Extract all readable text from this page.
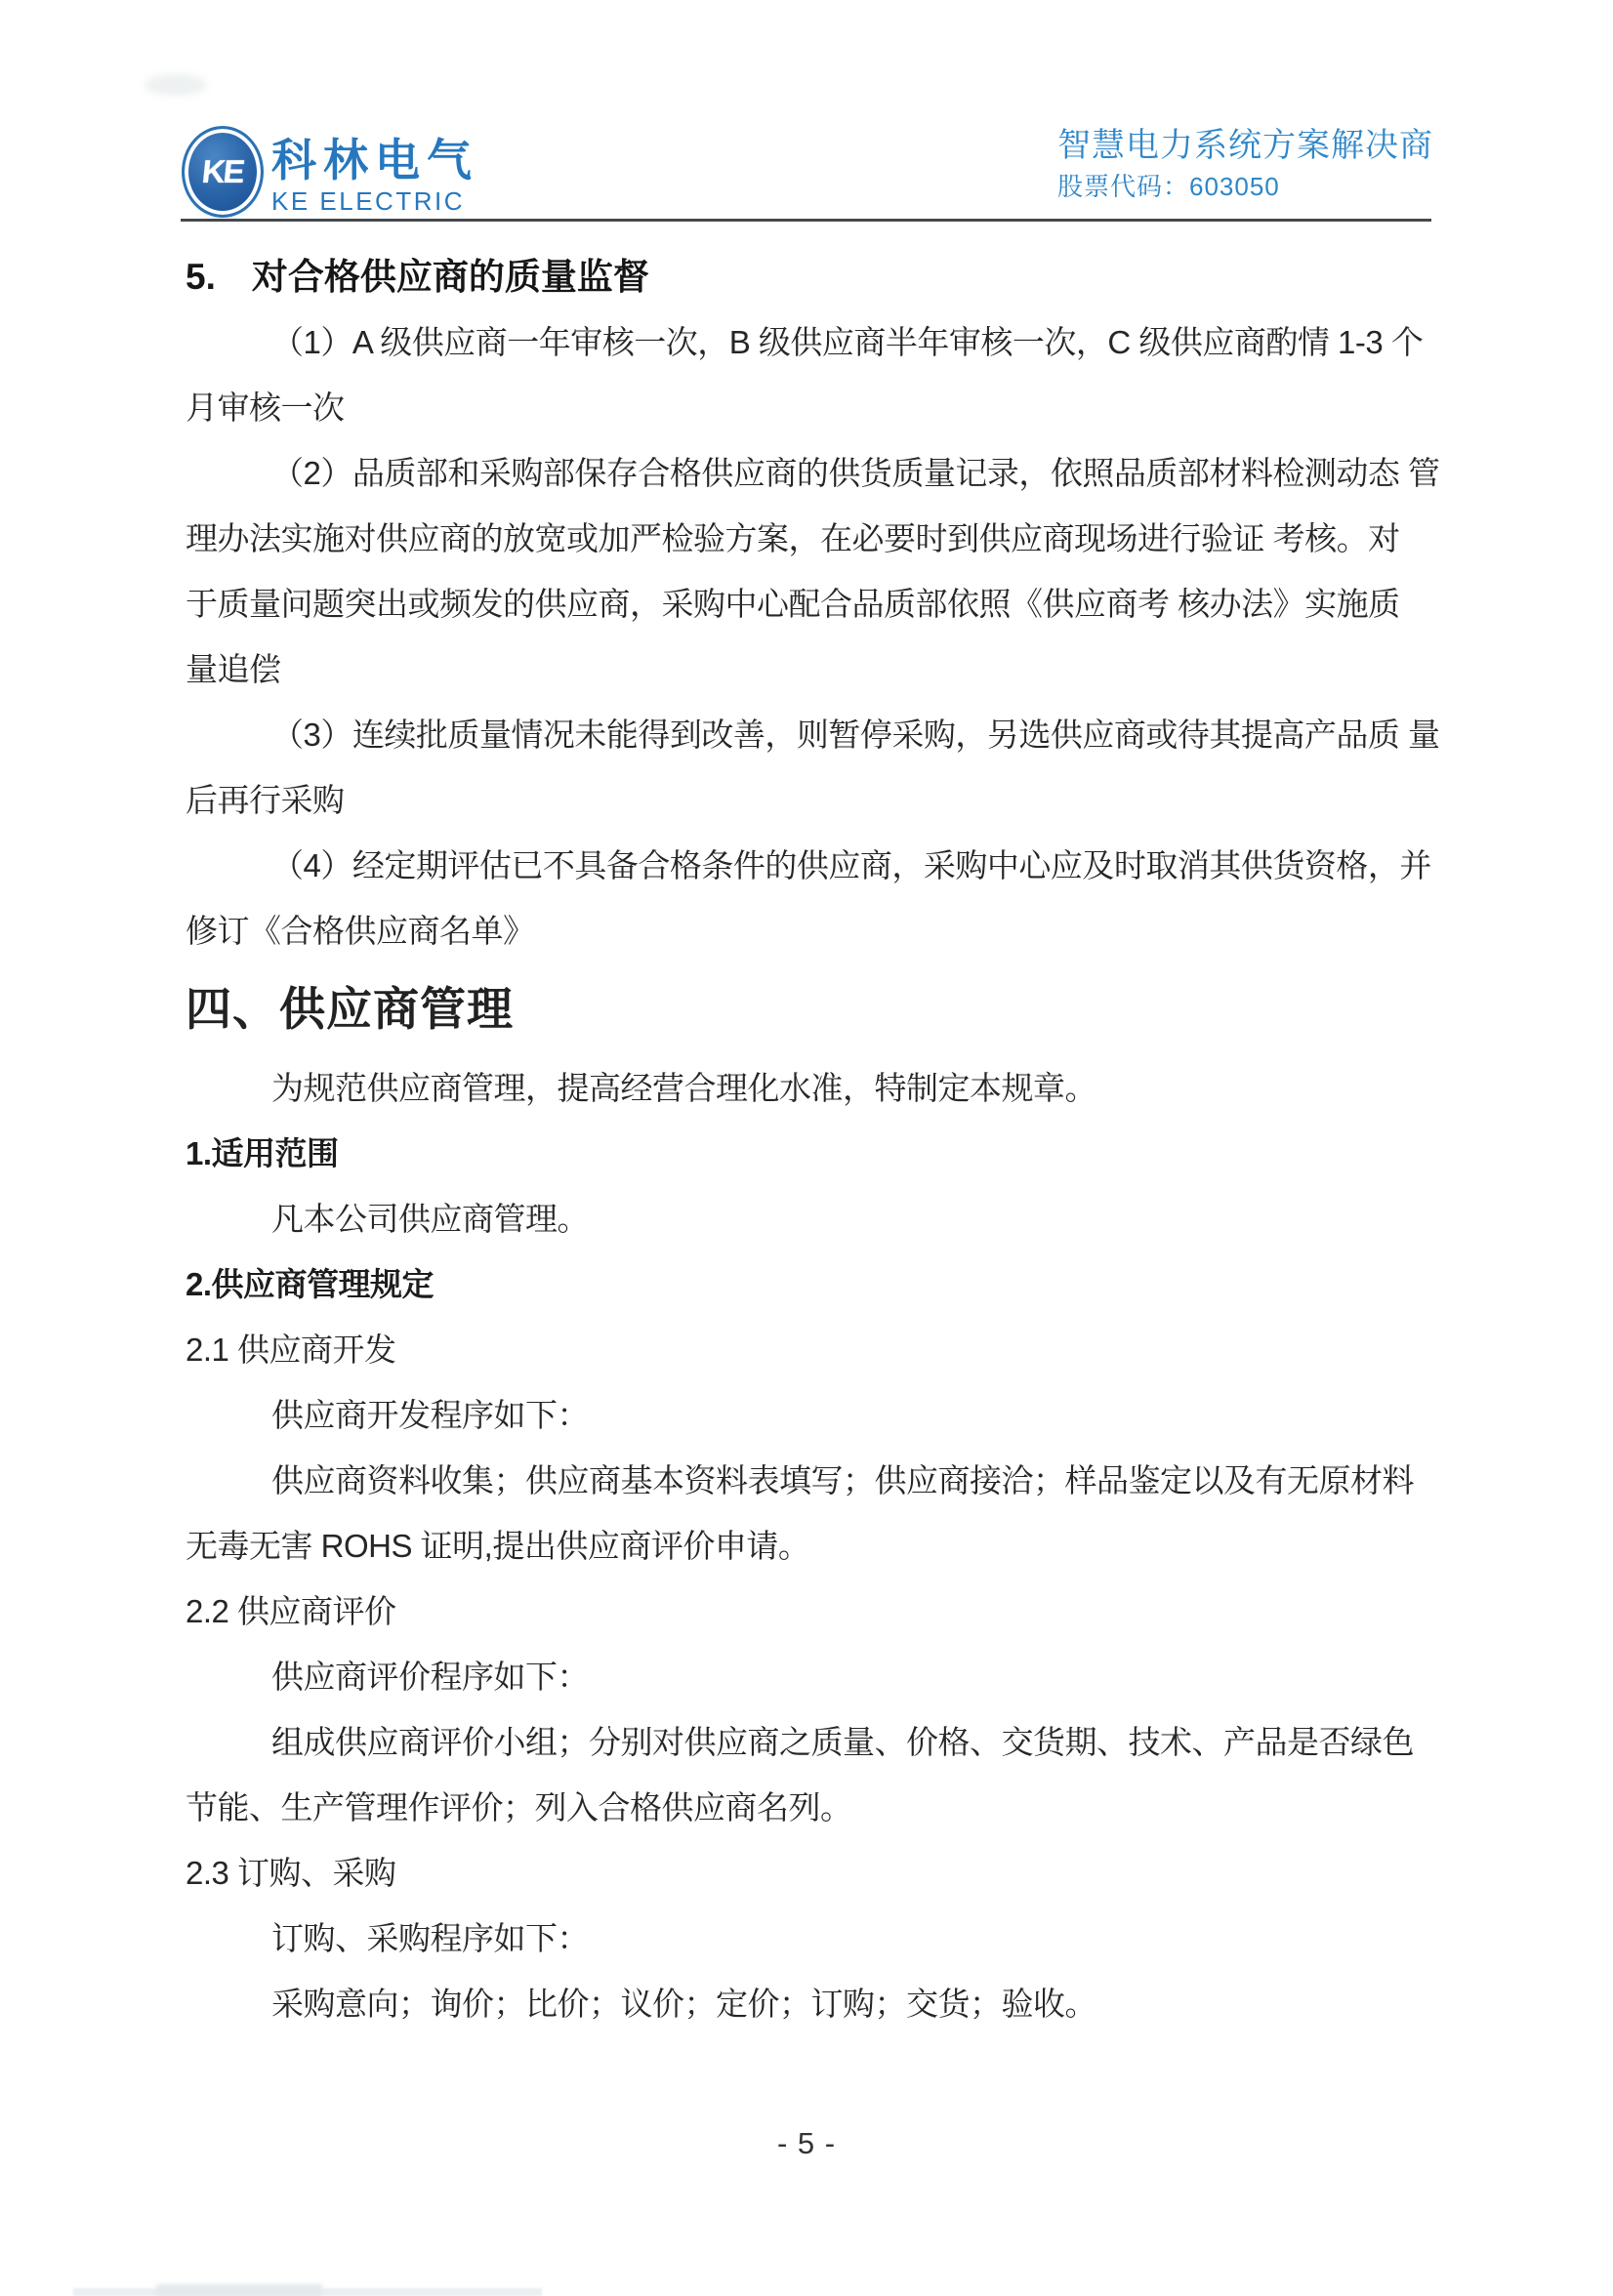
KE 科林电气
KE ELECTRIC
智慧电力系统方案解决商
股票代码：603050
5.　对合格供应商的质量监督
（1）A 级供应商一年审核一次，B 级供应商半年审核一次，C 级供应商酌情 1-3 个
月审核一次
（2）品质部和采购部保存合格供应商的供货质量记录，依照品质部材料检测动态 管
理办法实施对供应商的放宽或加严检验方案，在必要时到供应商现场进行验证 考核。对
于质量问题突出或频发的供应商，采购中心配合品质部依照《供应商考 核办法》实施质
量追偿
（3）连续批质量情况未能得到改善，则暂停采购，另选供应商或待其提高产品质 量
后再行采购
（4）经定期评估已不具备合格条件的供应商，采购中心应及时取消其供货资格，并
修订《合格供应商名单》
四、供应商管理
为规范供应商管理，提高经营合理化水准，特制定本规章。
1.适用范围
凡本公司供应商管理。
2.供应商管理规定
2.1 供应商开发
供应商开发程序如下：
供应商资料收集；供应商基本资料表填写；供应商接洽；样品鉴定以及有无原材料
无毒无害 ROHS 证明,提出供应商评价申请。
2.2 供应商评价
供应商评价程序如下：
组成供应商评价小组；分别对供应商之质量、价格、交货期、技术、产品是否绿色
节能、生产管理作评价；列入合格供应商名列。
2.3 订购、采购
订购、采购程序如下：
采购意向；询价；比价；议价；定价；订购；交货；验收。
- 5 -
